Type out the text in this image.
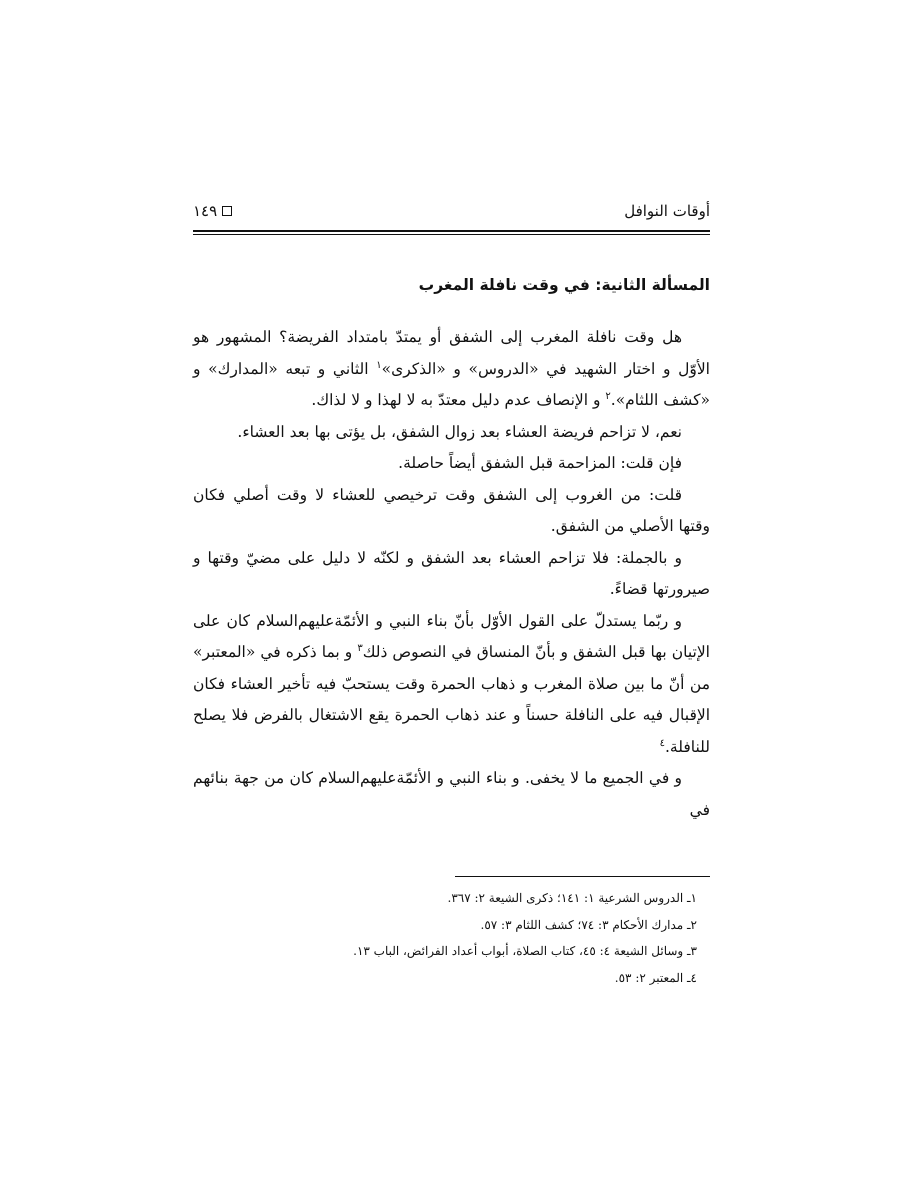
أوقات النوافل
١٤٩
المسألة الثانية: في وقت نافلة المغرب

هل وقت نافلة المغرب إلى الشفق أو يمتدّ بامتداد الفريضة؟ المشهور هو الأوّل و اختار الشهيد في «الدروس» و «الذكرى»$^١$ الثاني و تبعه «المدارك» و «كشف اللثام».$^٢$ و الإنصاف عدم دليل معتدّ به لا لهذا و لا لذاك.

نعم، لا تزاحم فريضة العشاء بعد زوال الشفق، بل يؤتى بها بعد العشاء.

فإن قلت: المزاحمة قبل الشفق أيضاً حاصلة.

قلت: من الغروب إلى الشفق وقت ترخيصي للعشاء لا وقت أصلي فكان وقتها الأصلي من الشفق.

و بالجملة: فلا تزاحم العشاء بعد الشفق و لكنّه لا دليل على مضيّ وقتها و صيرورتها قضاءً.

و ربّما يستدلّ على القول الأوّل بأنّ بناء النبي و الأئمّة‌عليهم‌السلام كان على الإتيان بها قبل الشفق و بأنّ المنساق في النصوص ذلك$^٣$ و بما ذكره في «المعتبر» من أنّ ما بين صلاة المغرب و ذهاب الحمرة وقت يستحبّ فيه تأخير العشاء فكان الإقبال فيه على النافلة حسناً و عند ذهاب الحمرة يقع الاشتغال بالفرض فلا يصلح للنافلة.$^٤$

و في الجميع ما لا يخفى. و بناء النبي و الأئمّة‌عليهم‌السلام كان من جهة بنائهم في

١ـ الدروس الشرعية ١: ١٤١؛ ذكرى الشيعة ٢: ٣٦٧.
٢ـ مدارك الأحكام ٣: ٧٤؛ كشف اللثام ٣: ٥٧.
٣ـ وسائل الشيعة ٤: ٤٥، كتاب الصلاة، أبواب أعداد الفرائض، الباب ١٣.
٤ـ المعتبر ٢: ٥٣.
